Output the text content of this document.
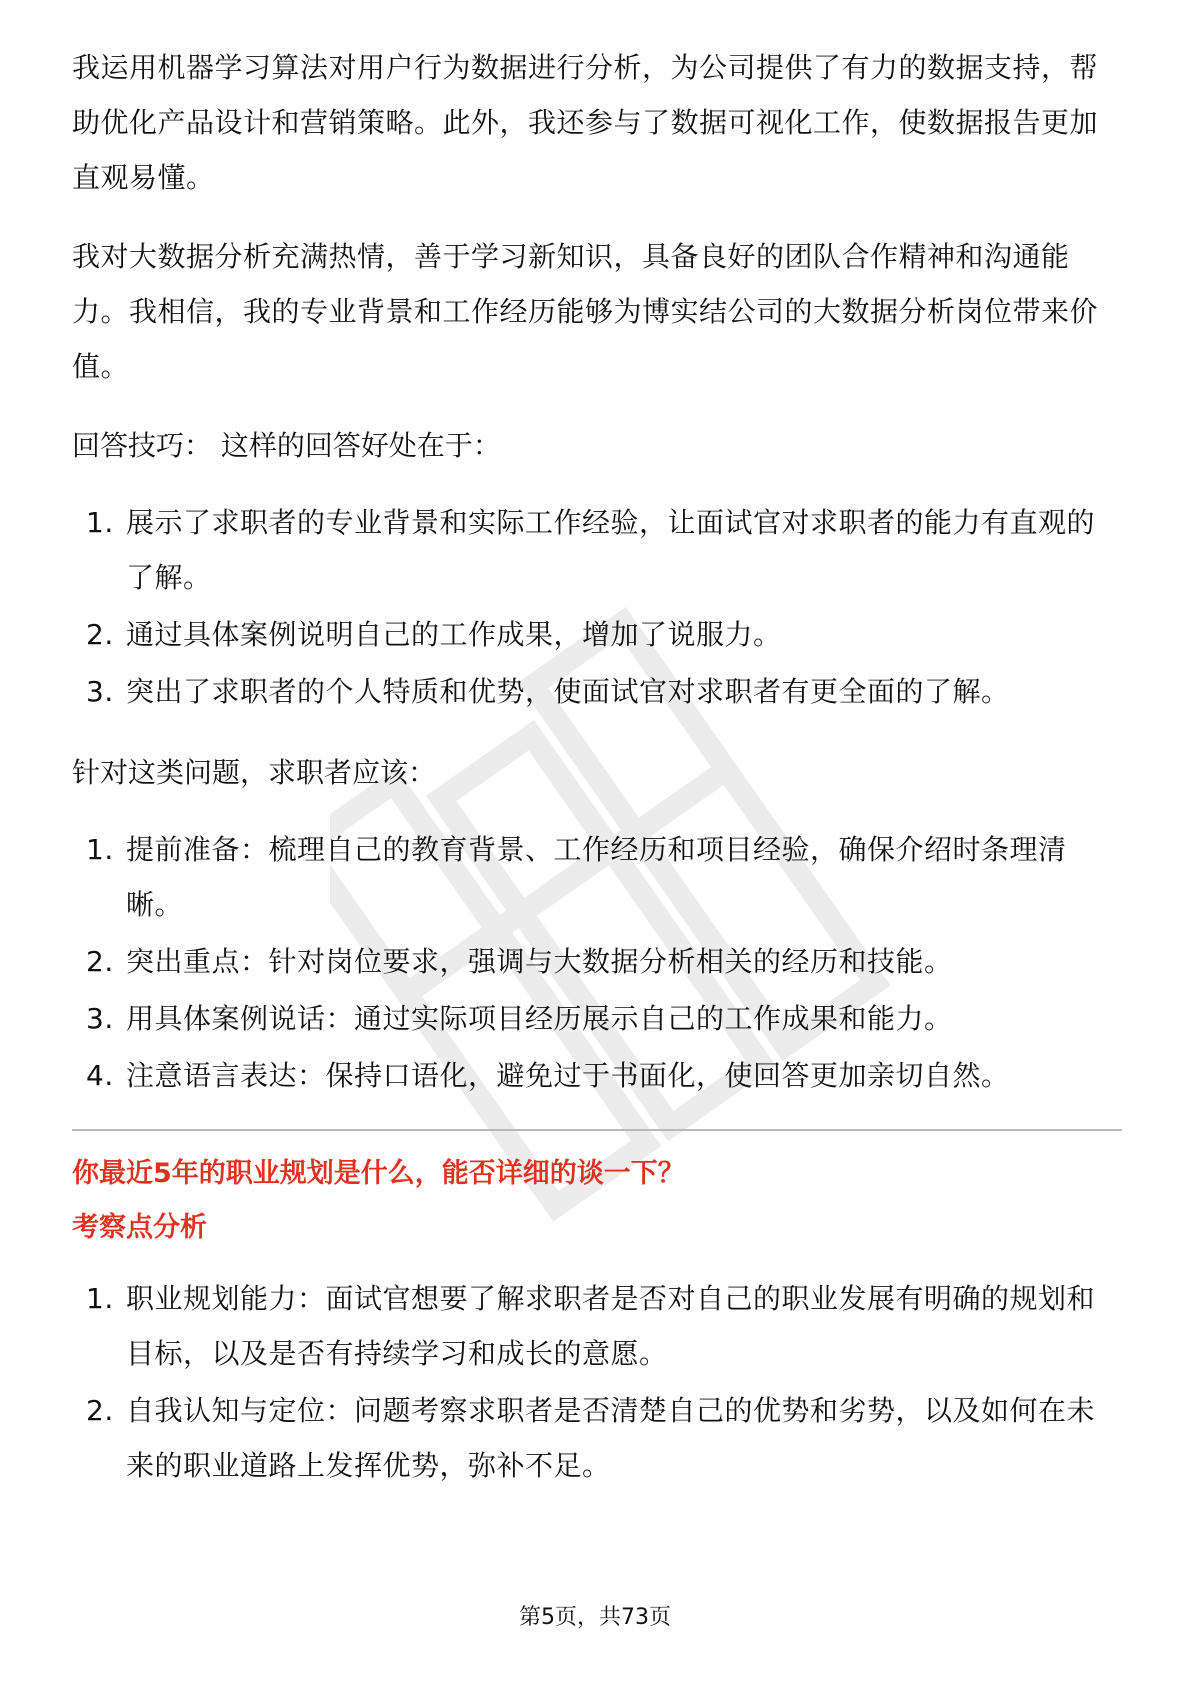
我运用机器学习算法对用户行为数据进行分析，为公司提供了有力的数据支持，帮助优化产品设计和营销策略。此外，我还参与了数据可视化工作，使数据报告更加直观易懂。

我对大数据分析充满热情，善于学习新知识，具备良好的团队合作精神和沟通能力。我相信，我的专业背景和工作经历能够为博实结公司的大数据分析岗位带来价值。

回答技巧： 这样的回答好处在于：

1. 展示了求职者的专业背景和实际工作经验，让面试官对求职者的能力有直观的了解。
2. 通过具体案例说明自己的工作成果，增加了说服力。
3. 突出了求职者的个人特质和优势，使面试官对求职者有更全面的了解。

针对这类问题，求职者应该：

1. 提前准备：梳理自己的教育背景、工作经历和项目经验，确保介绍时条理清晰。
2. 突出重点：针对岗位要求，强调与大数据分析相关的经历和技能。
3. 用具体案例说话：通过实际项目经历展示自己的工作成果和能力。
4. 注意语言表达：保持口语化，避免过于书面化，使回答更加亲切自然。

你最近5年的职业规划是什么，能否详细的谈一下？

考察点分析

1. 职业规划能力：面试官想要了解求职者是否对自己的职业发展有明确的规划和目标，以及是否有持续学习和成长的意愿。
2. 自我认知与定位：问题考察求职者是否清楚自己的优势和劣势，以及如何在未来的职业道路上发挥优势，弥补不足。
第5页，共73页
